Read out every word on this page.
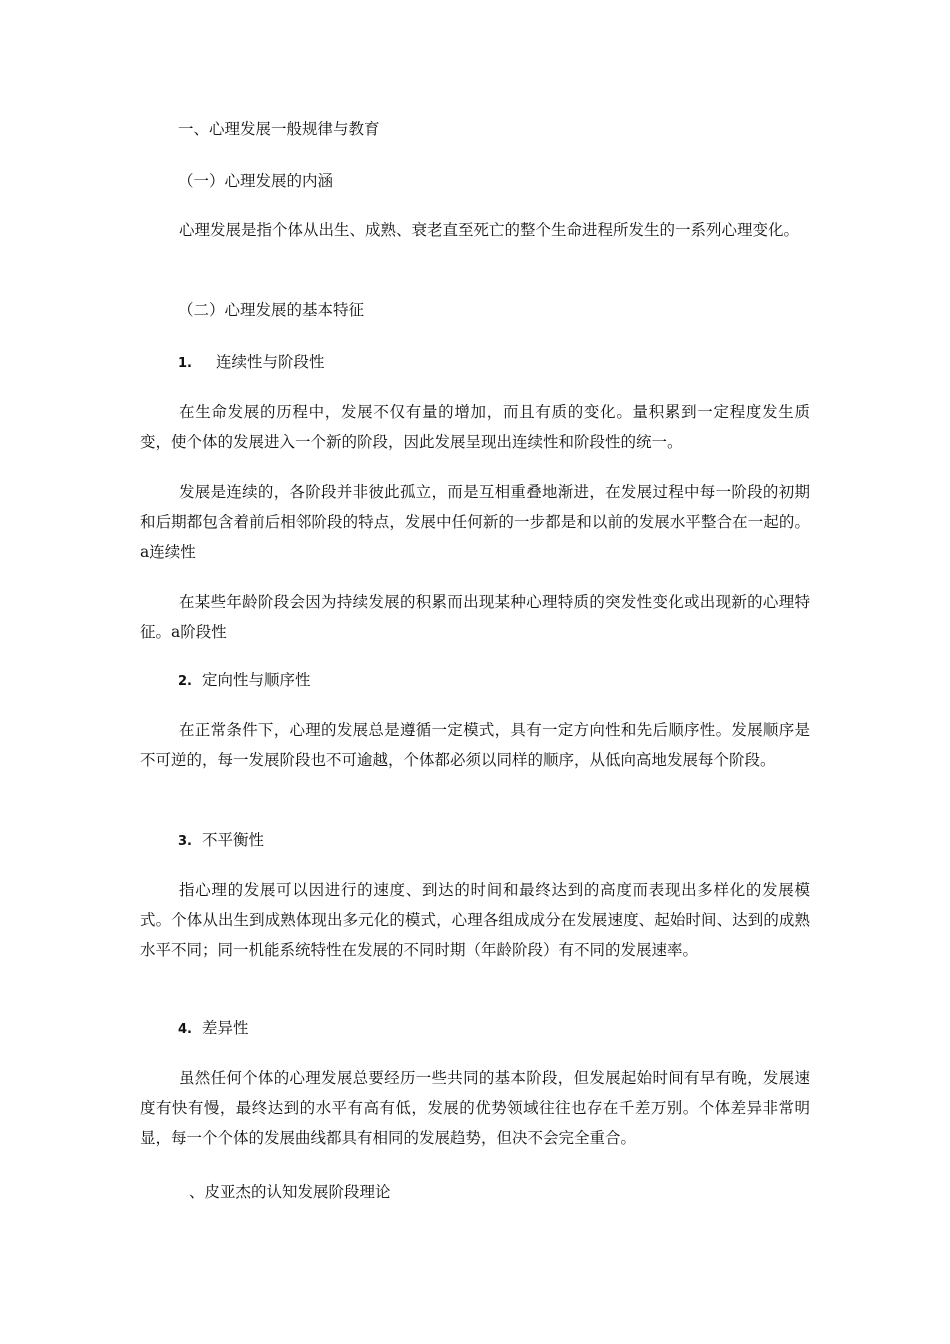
一、心理发展一般规律与教育

（一）心理发展的内涵

心理发展是指个体从出生、成熟、衰老直至死亡的整个生命进程所发生的一系列心理变化。

（二）心理发展的基本特征

1. 连续性与阶段性

在生命发展的历程中，发展不仅有量的增加，而且有质的变化。量积累到一定程度发生质变，使个体的发展进入一个新的阶段，因此发展呈现出连续性和阶段性的统一。

发展是连续的，各阶段并非彼此孤立，而是互相重叠地渐进，在发展过程中每一阶段的初期和后期都包含着前后相邻阶段的特点，发展中任何新的一步都是和以前的发展水平整合在一起的。a连续性

在某些年龄阶段会因为持续发展的积累而出现某种心理特质的突发性变化或出现新的心理特征。a阶段性

2. 定向性与顺序性

在正常条件下，心理的发展总是遵循一定模式，具有一定方向性和先后顺序性。发展顺序是不可逆的，每一发展阶段也不可逾越，个体都必须以同样的顺序，从低向高地发展每个阶段。

3. 不平衡性

指心理的发展可以因进行的速度、到达的时间和最终达到的高度而表现出多样化的发展模式。个体从出生到成熟体现出多元化的模式，心理各组成成分在发展速度、起始时间、达到的成熟水平不同；同一机能系统特性在发展的不同时期（年龄阶段）有不同的发展速率。

4. 差异性

虽然任何个体的心理发展总要经历一些共同的基本阶段，但发展起始时间有早有晚，发展速度有快有慢，最终达到的水平有高有低，发展的优势领域往往也存在千差万别。个体差异非常明显，每一个个体的发展曲线都具有相同的发展趋势，但决不会完全重合。

、皮亚杰的认知发展阶段理论
